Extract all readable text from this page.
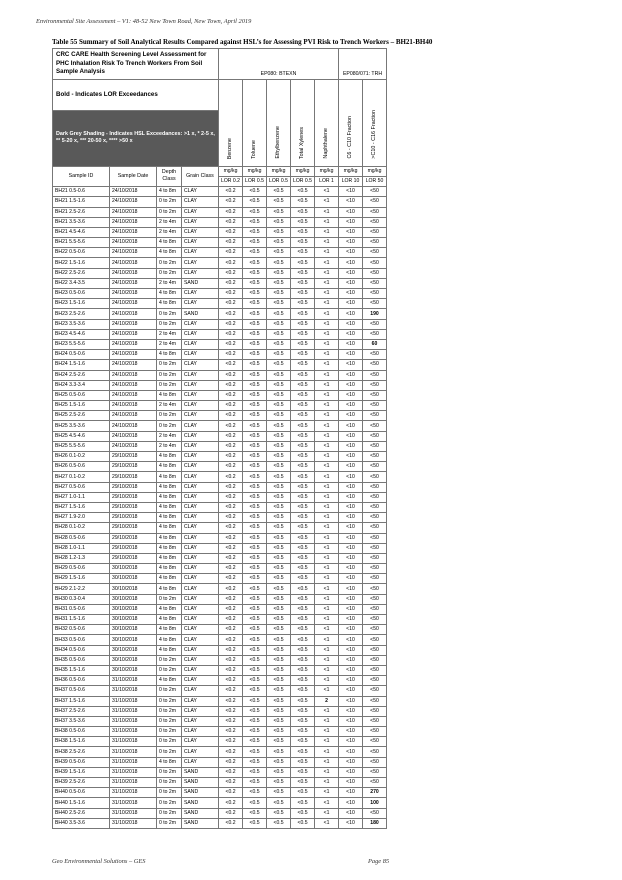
Environmental Site Assessment – V1: 48-52 New Town Road, New Town, April 2019
Table 55 Summary of Soil Analytical Results Compared against HSL’s for Assessing PVI Risk to Trench Workers – BH21-BH40
CRC CARE Health Screening Level Assessment for PHC Inhalation Risk To Trench Workers From Soil Sample Analysis				EP080: BTEXN					EP080/071: TRH	
Bold - Indicates LOR Exceedances				Benzene	Toluene	Ethylbenzene	Total Xylenes	Naphthalene	C6 - C10 Fraction	>C10 - C16 Fraction
Dark Grey Shading - Indicates HSL Exceedances: >1 x, * 2-5 x, ** 5-20 x, *** 20-50 x, **** >50 x										
Sample ID	Sample Date	Depth Class	Grain Class	mg/kg	mg/kg	mg/kg	mg/kg	mg/kg	mg/kg	mg/kg
				LOR 0.2	LOR 0.5	LOR 0.5	LOR 0.5	LOR 1	LOR 10	LOR 50
BH21 0.5-0.6	24/10/2018	4 to 8m	CLAY	<0.2	<0.5	<0.5	<0.5	<1	<10	<50
BH21 1.5-1.6	24/10/2018	0 to 2m	CLAY	<0.2	<0.5	<0.5	<0.5	<1	<10	<50
BH21 2.5-2.6	24/10/2018	0 to 2m	CLAY	<0.2	<0.5	<0.5	<0.5	<1	<10	<50
BH21 3.5-3.6	24/10/2018	2 to 4m	CLAY	<0.2	<0.5	<0.5	<0.5	<1	<10	<50
BH21 4.5-4.6	24/10/2018	2 to 4m	CLAY	<0.2	<0.5	<0.5	<0.5	<1	<10	<50
BH21 5.5-5.6	24/10/2018	4 to 8m	CLAY	<0.2	<0.5	<0.5	<0.5	<1	<10	<50
BH22 0.5-0.6	24/10/2018	4 to 8m	CLAY	<0.2	<0.5	<0.5	<0.5	<1	<10	<50
BH22 1.5-1.6	24/10/2018	0 to 2m	CLAY	<0.2	<0.5	<0.5	<0.5	<1	<10	<50
BH22 2.5-2.6	24/10/2018	0 to 2m	CLAY	<0.2	<0.5	<0.5	<0.5	<1	<10	<50
BH22 3.4-3.5	24/10/2018	2 to 4m	SAND	<0.2	<0.5	<0.5	<0.5	<1	<10	<50
BH23 0.5-0.6	24/10/2018	4 to 8m	CLAY	<0.2	<0.5	<0.5	<0.5	<1	<10	<50
BH23 1.5-1.6	24/10/2018	4 to 8m	CLAY	<0.2	<0.5	<0.5	<0.5	<1	<10	<50
BH23 2.5-2.6	24/10/2018	0 to 2m	SAND	<0.2	<0.5	<0.5	<0.5	<1	<10	190
BH23 3.5-3.6	24/10/2018	0 to 2m	CLAY	<0.2	<0.5	<0.5	<0.5	<1	<10	<50
BH23 4.5-4.6	24/10/2018	2 to 4m	CLAY	<0.2	<0.5	<0.5	<0.5	<1	<10	<50
BH23 5.5-5.6	24/10/2018	2 to 4m	CLAY	<0.2	<0.5	<0.5	<0.5	<1	<10	60
BH24 0.5-0.6	24/10/2018	4 to 8m	CLAY	<0.2	<0.5	<0.5	<0.5	<1	<10	<50
BH24 1.5-1.6	24/10/2018	0 to 2m	CLAY	<0.2	<0.5	<0.5	<0.5	<1	<10	<50
BH24 2.5-2.6	24/10/2018	0 to 2m	CLAY	<0.2	<0.5	<0.5	<0.5	<1	<10	<50
BH24 3.3-3.4	24/10/2018	0 to 2m	CLAY	<0.2	<0.5	<0.5	<0.5	<1	<10	<50
BH25 0.5-0.6	24/10/2018	4 to 8m	CLAY	<0.2	<0.5	<0.5	<0.5	<1	<10	<50
BH25 1.5-1.6	24/10/2018	2 to 4m	CLAY	<0.2	<0.5	<0.5	<0.5	<1	<10	<50
BH25 2.5-2.6	24/10/2018	0 to 2m	CLAY	<0.2	<0.5	<0.5	<0.5	<1	<10	<50
BH25 3.5-3.6	24/10/2018	0 to 2m	CLAY	<0.2	<0.5	<0.5	<0.5	<1	<10	<50
BH25 4.5-4.6	24/10/2018	2 to 4m	CLAY	<0.2	<0.5	<0.5	<0.5	<1	<10	<50
BH25 5.5-5.6	24/10/2018	2 to 4m	CLAY	<0.2	<0.5	<0.5	<0.5	<1	<10	<50
BH26 0.1-0.2	29/10/2018	4 to 8m	CLAY	<0.2	<0.5	<0.5	<0.5	<1	<10	<50
BH26 0.5-0.6	29/10/2018	4 to 8m	CLAY	<0.2	<0.5	<0.5	<0.5	<1	<10	<50
BH27 0.1-0.2	29/10/2018	4 to 8m	CLAY	<0.2	<0.5	<0.5	<0.5	<1	<10	<50
BH27 0.5-0.6	29/10/2018	4 to 8m	CLAY	<0.2	<0.5	<0.5	<0.5	<1	<10	<50
BH27 1.0-1.1	29/10/2018	4 to 8m	CLAY	<0.2	<0.5	<0.5	<0.5	<1	<10	<50
BH27 1.5-1.6	29/10/2018	4 to 8m	CLAY	<0.2	<0.5	<0.5	<0.5	<1	<10	<50
BH27 1.9-2.0	29/10/2018	4 to 8m	CLAY	<0.2	<0.5	<0.5	<0.5	<1	<10	<50
BH28 0.1-0.2	29/10/2018	4 to 8m	CLAY	<0.2	<0.5	<0.5	<0.5	<1	<10	<50
BH28 0.5-0.6	29/10/2018	4 to 8m	CLAY	<0.2	<0.5	<0.5	<0.5	<1	<10	<50
BH28 1.0-1.1	29/10/2018	4 to 8m	CLAY	<0.2	<0.5	<0.5	<0.5	<1	<10	<50
BH28 1.2-1.3	29/10/2018	4 to 8m	CLAY	<0.2	<0.5	<0.5	<0.5	<1	<10	<50
BH29 0.5-0.6	30/10/2018	4 to 8m	CLAY	<0.2	<0.5	<0.5	<0.5	<1	<10	<50
BH29 1.5-1.6	30/10/2018	4 to 8m	CLAY	<0.2	<0.5	<0.5	<0.5	<1	<10	<50
BH29 2.1-2.2	30/10/2018	4 to 8m	CLAY	<0.2	<0.5	<0.5	<0.5	<1	<10	<50
BH30 0.3-0.4	30/10/2018	0 to 2m	CLAY	<0.2	<0.5	<0.5	<0.5	<1	<10	<50
BH31 0.5-0.6	30/10/2018	4 to 8m	CLAY	<0.2	<0.5	<0.5	<0.5	<1	<10	<50
BH31 1.5-1.6	30/10/2018	4 to 8m	CLAY	<0.2	<0.5	<0.5	<0.5	<1	<10	<50
BH32 0.5-0.6	30/10/2018	4 to 8m	CLAY	<0.2	<0.5	<0.5	<0.5	<1	<10	<50
BH33 0.5-0.6	30/10/2018	4 to 8m	CLAY	<0.2	<0.5	<0.5	<0.5	<1	<10	<50
BH34 0.5-0.6	30/10/2018	4 to 8m	CLAY	<0.2	<0.5	<0.5	<0.5	<1	<10	<50
BH35 0.5-0.6	30/10/2018	0 to 2m	CLAY	<0.2	<0.5	<0.5	<0.5	<1	<10	<50
BH35 1.5-1.6	30/10/2018	0 to 2m	CLAY	<0.2	<0.5	<0.5	<0.5	<1	<10	<50
BH36 0.5-0.6	31/10/2018	4 to 8m	CLAY	<0.2	<0.5	<0.5	<0.5	<1	<10	<50
BH37 0.5-0.6	31/10/2018	0 to 2m	CLAY	<0.2	<0.5	<0.5	<0.5	<1	<10	<50
BH37 1.5-1.6	31/10/2018	0 to 2m	CLAY	<0.2	<0.5	<0.5	<0.5	2	<10	<50
BH37 2.5-2.6	31/10/2018	0 to 2m	CLAY	<0.2	<0.5	<0.5	<0.5	<1	<10	<50
BH37 3.5-3.6	31/10/2018	0 to 2m	CLAY	<0.2	<0.5	<0.5	<0.5	<1	<10	<50
BH38 0.5-0.6	31/10/2018	0 to 2m	CLAY	<0.2	<0.5	<0.5	<0.5	<1	<10	<50
BH38 1.5-1.6	31/10/2018	0 to 2m	CLAY	<0.2	<0.5	<0.5	<0.5	<1	<10	<50
BH38 2.5-2.6	31/10/2018	0 to 2m	CLAY	<0.2	<0.5	<0.5	<0.5	<1	<10	<50
BH39 0.5-0.6	31/10/2018	4 to 8m	CLAY	<0.2	<0.5	<0.5	<0.5	<1	<10	<50
BH39 1.5-1.6	31/10/2018	0 to 2m	SAND	<0.2	<0.5	<0.5	<0.5	<1	<10	<50
BH39 2.5-2.6	31/10/2018	0 to 2m	SAND	<0.2	<0.5	<0.5	<0.5	<1	<10	<50
BH40 0.5-0.6	31/10/2018	0 to 2m	SAND	<0.2	<0.5	<0.5	<0.5	<1	<10	270
BH40 1.5-1.6	31/10/2018	0 to 2m	SAND	<0.2	<0.5	<0.5	<0.5	<1	<10	100
BH40 2.5-2.6	31/10/2018	0 to 2m	SAND	<0.2	<0.5	<0.5	<0.5	<1	<10	<50
BH40 3.5-3.6	31/10/2018	0 to 2m	SAND	<0.2	<0.5	<0.5	<0.5	<1	<10	180
Geo Environmental Solutions – GES	Page 85
